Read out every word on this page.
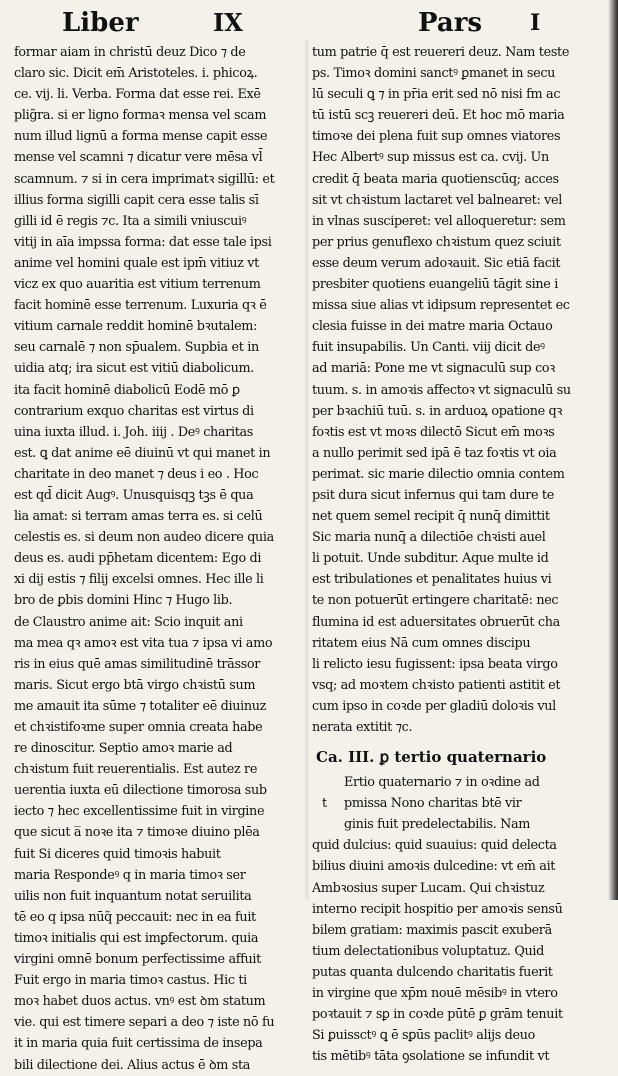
Liber	IX	Pars I
formar aiam in christū deuz Dico ⁊ de
claro sic. Dicit em̄ Aristoteles. i. phicoꝝ.
ce. vij. li. Verba. Forma dat esse rei. Exē
plig̃ra. si er ligno formaꝛ mensa vel scam
num illud lignū a forma mense capit esse
mense vel scamni ⁊ dicatur vere mēsa vl̄
scamnum. ⁊ si in cera imprimatꝛ sigillū: et
illius forma sigilli capit cera esse talis sī
gilli id ē regis ⁊c. Ita a simili vniuscuiꝰ
vitij in aīa impssa forma: dat esse tale ipsi
anime vel homini quale est ipm̄ vitiuz vt
vicz ex quo auaritia est vitium terrenum
facit hominē esse terrenum. Luxuria qꝛ ē
vitium carnale reddit hominē bꝛutalem:
seu carnalē ⁊ non sp̄ualem. Supbia et in
uidia atq; ira sicut est vitiū diabolicum.
ita facit hominē diabolicū Eodē mō ꝑ
contrarium exquo charitas est virtus di
uina iuxta illud. i. Joh. iiij . Deꝰ charitas
est. ꝗ dat anime eē diuinū vt qui manet in
charitate in deo manet ⁊ deus i eo . Hoc
est qd̄ dicit Augꝰ. Unusquisqꝫ tꝫs ē qua
lia amat: si terram amas terra es. si celū
celestis es. si deum non audeo dicere quia
deus es. audi pp̄hetam dicentem: Ego di
xi dij estis ⁊ filij excelsi omnes. Hec ille li
bro de ꝑbis domini Hinc ⁊ Hugo lib.
de Claustro anime ait: Scio inquit ani
ma mea qꝛ amoꝛ est vita tua ⁊ ipsa vi amo
ris in eius quē amas similitudinē trāssor
maris. Sicut ergo btā virgo chꝛistū sum
me amauit ita sūme ⁊ totaliter eē diuinuz
et chꝛistifoꝛme super omnia creata habe
re dinoscitur. Septio amoꝛ marie ad
chꝛistum fuit reuerentialis. Est autez re
uerentia iuxta eū dilectione timorosa sub
iecto ⁊ hec excellentissime fuit in virgine
que sicut a̅ noꝛe ita ⁊ timoꝛe diuino plēa
fuit Si diceres quid timoꝛis habuit
maria Respondeꝰ q in maria timoꝛ ser
uilis non fuit inquantum notat seruilita
tē eo q ipsa nūq̃ peccauit: nec in ea fuit
timoꝛ initialis qui est imꝑfectorum. quia
virgini omnē bonum perfectissime affuit
Fuit ergo in maria timoꝛ castus. Hic ti
moꝛ habet duos actus. vnꝰ est ꝺm statum
vie. qui est timere separi a deo ⁊ iste nō fu
it in maria quia fuit certissima de insepa
bili dilectione dei. Alius actus ē ꝺm sta
tum patrie q̄ est reuereri deuz. Nam teste
ps. Timoꝛ domini sanctꝰ ꝑmanet in secu
lū seculi ꝗ ⁊ in pr̄ia erit sed nō nisi fm ac
tū istū scꝫ reuereri deū. Et hoc mō maria
timoꝛe dei plena fuit sup omnes viatores
Hec Albertꝰ sup missus est ca. cvij. Un
credit q̄ beata maria quotienscūq; acces
sit vt chꝛistum lactaret vel balnearet: vel
in vlnas susciperet: vel alloqueretur: sem
per prius genuflexo chꝛistum quez sciuit
esse deum verum adoꝛauit. Sic etiā facit
presbiter quotiens euangeliū tāgit sine i
missa siue alias vt idipsum representet ec
clesia fuisse in dei matre maria Octauo
fuit insupabilis. Un Canti. viij dicit deꝰ
ad mariā: Pone me vt signaculū sup coꝛ
tuum. s. in amoꝛis affectoꝛ vt signaculū su
per bꝛachiū tuū. s. in arduoꝝ opatione qꝛ
foꝛtis est vt moꝛs dilectō Sicut em̄ moꝛs
a nullo perimit sed ipā ē taz foꝛtis vt oia
perimat. sic marie dilectio omnia contem
psit dura sicut infernus qui tam dure te
net quem semel recipit q̄ nunq̄ dimittit
Sic maria nunq̄ a dilectiōe chꝛisti auel
li potuit. Unde subditur. Aque multe id
est tribulationes et penalitates huius vi
te non potuerūt ertingere charitatē: nec
flumina id est aduersitates obruerūt cha
ritatem eius Nā cum omnes discipu
li relicto iesu fugissent: ipsa beata virgo
vsq; ad moꝛtem chꝛisto patienti astitit et
cum ipso in coꝛde per gladiū doloꝛis vul
nerata extitit ⁊c.
Ca. III. ꝑ tertio quaternario
Ertio quaternario ⁊ in oꝛdine ad
t pmissa Nono charitas btē vir
ginis fuit predelectabilis. Nam
quid dulcius: quid suauius: quid delecta
bilius diuini amoꝛis dulcedine: vt em̄ ait
Ambꝛosius super Lucam. Qui chꝛistuz
interno recipit hospitio per amoꝛis sensū
bilem gratiam: maximis pascit exuberā
tium delectationibus voluptatuz. Quid
putas quanta dulcendo charitatis fuerit
in virgine que xp̄m nouē mēsibꝰ in vtero
poꝛtauit ⁊ sꝑ in coꝛde pūtē ꝑ grām tenuit
Si ꝑuissctꝰ ꝗ ē sꝑūs paclitꝰ alijs deuo
tis mētibꝰ tāta ꝯsolatione se infundit vt
